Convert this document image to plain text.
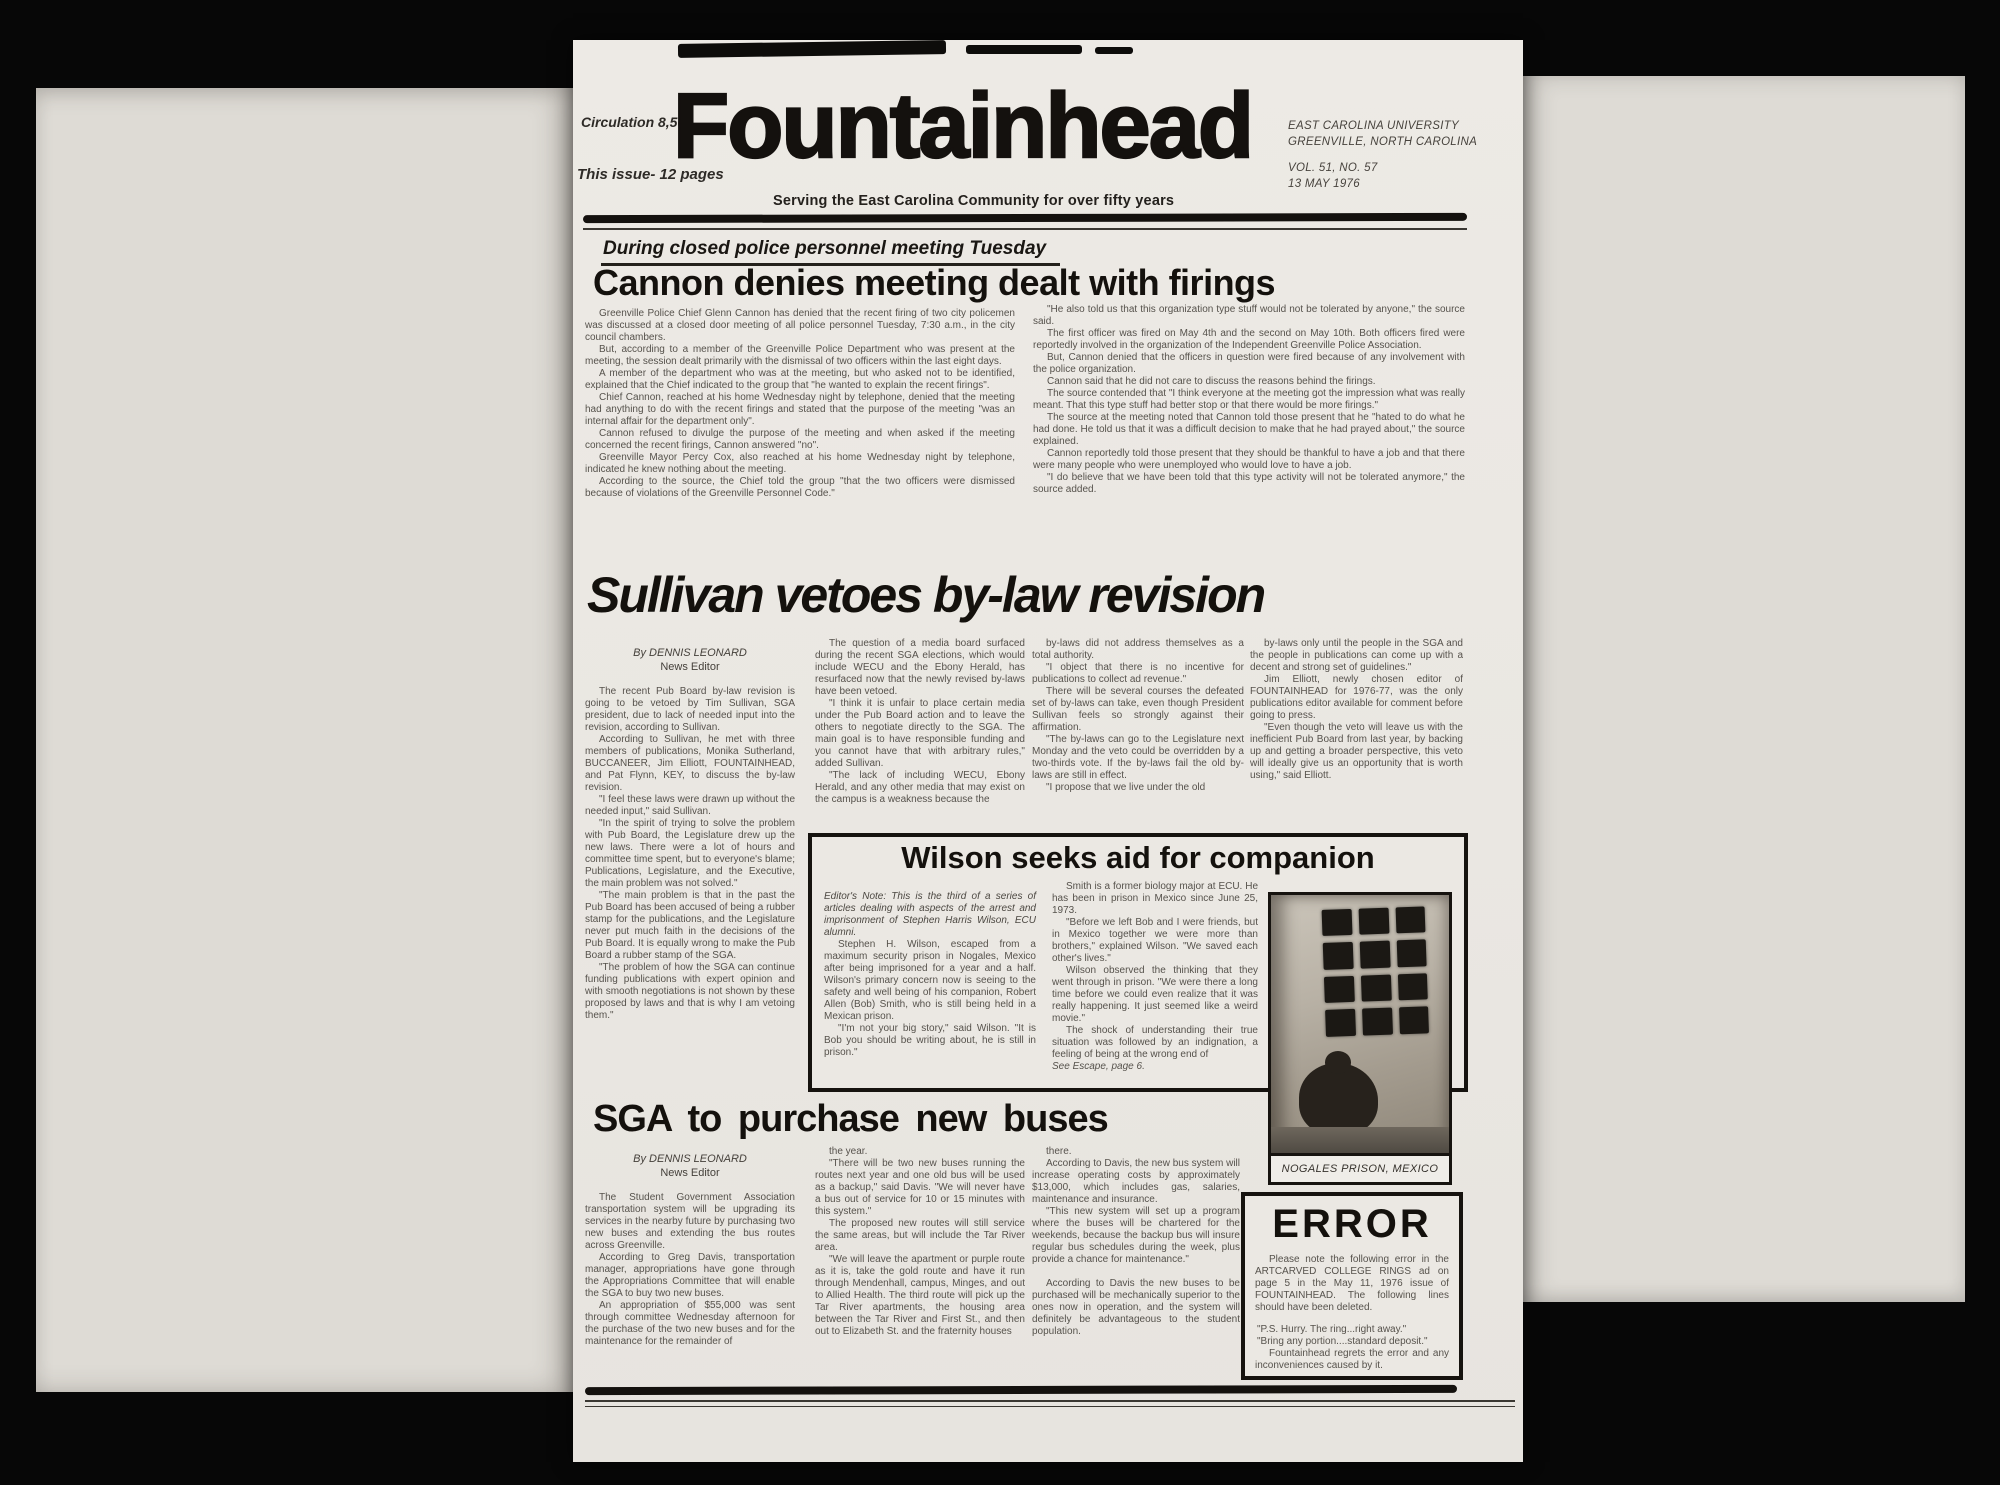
Circulation 8,500
This issue- 12 pages
Fountainhead
Serving the East Carolina Community for over fifty years
EAST CAROLINA UNIVERSITY
GREENVILLE, NORTH CAROLINA
VOL. 51, NO. 57
13 MAY 1976
During closed police personnel meeting Tuesday
Cannon denies meeting dealt with firings

Greenville Police Chief Glenn Cannon has denied that the recent firing of two city policemen was discussed at a closed door meeting of all police personnel Tuesday, 7:30 a.m., in the city council chambers.

But, according to a member of the Greenville Police Department who was present at the meeting, the session dealt primarily with the dismissal of two officers within the last eight days.

A member of the department who was at the meeting, but who asked not to be identified, explained that the Chief indicated to the group that "he wanted to explain the recent firings".

Chief Cannon, reached at his home Wednesday night by telephone, denied that the meeting had anything to do with the recent firings and stated that the purpose of the meeting "was an internal affair for the department only".

Cannon refused to divulge the purpose of the meeting and when asked if the meeting concerned the recent firings, Cannon answered "no".

Greenville Mayor Percy Cox, also reached at his home Wednesday night by telephone, indicated he knew nothing about the meeting.

According to the source, the Chief told the group "that the two officers were dismissed because of violations of the Greenville Personnel Code."

"He also told us that this organization type stuff would not be tolerated by anyone," the source said.

The first officer was fired on May 4th and the second on May 10th. Both officers fired were reportedly involved in the organization of the Independent Greenville Police Association.

But, Cannon denied that the officers in question were fired because of any involvement with the police organization.

Cannon said that he did not care to discuss the reasons behind the firings.

The source contended that "I think everyone at the meeting got the impression what was really meant. That this type stuff had better stop or that there would be more firings."

The source at the meeting noted that Cannon told those present that he "hated to do what he had done. He told us that it was a difficult decision to make that he had prayed about," the source explained.

Cannon reportedly told those present that they should be thankful to have a job and that there were many people who were unemployed who would love to have a job.

"I do believe that we have been told that this type activity will not be tolerated anymore," the source added.

Sullivan vetoes by-law revision
By DENNIS LEONARD
News Editor

The recent Pub Board by-law revision is going to be vetoed by Tim Sullivan, SGA president, due to lack of needed input into the revision, according to Sullivan.

According to Sullivan, he met with three members of publications, Monika Sutherland, BUCCANEER, Jim Elliott, FOUNTAINHEAD, and Pat Flynn, KEY, to discuss the by-law revision.

"I feel these laws were drawn up without the needed input," said Sullivan.

"In the spirit of trying to solve the problem with Pub Board, the Legislature drew up the new laws. There were a lot of hours and committee time spent, but to everyone's blame; Publications, Legislature, and the Executive, the main problem was not solved."

"The main problem is that in the past the Pub Board has been accused of being a rubber stamp for the publications, and the Legislature never put much faith in the decisions of the Pub Board. It is equally wrong to make the Pub Board a rubber stamp of the SGA.

"The problem of how the SGA can continue funding publications with expert opinion and with smooth negotiations is not shown by these proposed by laws and that is why I am vetoing them."

The question of a media board surfaced during the recent SGA elections, which would include WECU and the Ebony Herald, has resurfaced now that the newly revised by-laws have been vetoed.

"I think it is unfair to place certain media under the Pub Board action and to leave the others to negotiate directly to the SGA. The main goal is to have responsible funding and you cannot have that with arbitrary rules," added Sullivan.

"The lack of including WECU, Ebony Herald, and any other media that may exist on the campus is a weakness because the

by-laws did not address themselves as a total authority.

"I object that there is no incentive for publications to collect ad revenue."

There will be several courses the defeated set of by-laws can take, even though President Sullivan feels so strongly against their affirmation.

"The by-laws can go to the Legislature next Monday and the veto could be overridden by a two-thirds vote. If the by-laws fail the old by-laws are still in effect.

"I propose that we live under the old

by-laws only until the people in the SGA and the people in publications can come up with a decent and strong set of guidelines."

Jim Elliott, newly chosen editor of FOUNTAINHEAD for 1976-77, was the only publications editor available for comment before going to press.

"Even though the veto will leave us with the inefficient Pub Board from last year, by backing up and getting a broader perspective, this veto will ideally give us an opportunity that is worth using," said Elliott.

Wilson seeks aid for companion

Editor's Note: This is the third of a series of articles dealing with aspects of the arrest and imprisonment of Stephen Harris Wilson, ECU alumni.

Stephen H. Wilson, escaped from a maximum security prison in Nogales, Mexico after being imprisoned for a year and a half. Wilson's primary concern now is seeing to the safety and well being of his companion, Robert Allen (Bob) Smith, who is still being held in a Mexican prison.

"I'm not your big story," said Wilson. "It is Bob you should be writing about, he is still in prison."

Smith is a former biology major at ECU. He has been in prison in Mexico since June 25, 1973.

"Before we left Bob and I were friends, but in Mexico together we were more than brothers," explained Wilson. "We saved each other's lives."

Wilson observed the thinking that they went through in prison. "We were there a long time before we could even realize that it was really happening. It just seemed like a weird movie."

The shock of understanding their true situation was followed by an indignation, a feeling of being at the wrong end of

See Escape, page 6.

NOGALES PRISON, MEXICO
SGA to purchase new buses
By DENNIS LEONARD
News Editor

The Student Government Association transportation system will be upgrading its services in the nearby future by purchasing two new buses and extending the bus routes across Greenville.

According to Greg Davis, transportation manager, appropriations have gone through the Appropriations Committee that will enable the SGA to buy two new buses.

An appropriation of $55,000 was sent through committee Wednesday afternoon for the purchase of the two new buses and for the maintenance for the remainder of

the year.

"There will be two new buses running the routes next year and one old bus will be used as a backup," said Davis. "We will never have a bus out of service for 10 or 15 minutes with this system."

The proposed new routes will still service the same areas, but will include the Tar River area.

"We will leave the apartment or purple route as it is, take the gold route and have it run through Mendenhall, campus, Minges, and out to Allied Health. The third route will pick up the Tar River apartments, the housing area between the Tar River and First St., and then out to Elizabeth St. and the fraternity houses

there.

According to Davis, the new bus system will increase operating costs by approximately $13,000, which includes gas, salaries, maintenance and insurance.

"This new system will set up a program where the buses will be chartered for the weekends, because the backup bus will insure regular bus schedules during the week, plus provide a chance for maintenance."

According to Davis the new buses to be purchased will be mechanically superior to the ones now in operation, and the system will definitely be advantageous to the student population.

ERROR

Please note the following error in the ARTCARVED COLLEGE RINGS ad on page 5 in the May 11, 1976 issue of FOUNTAINHEAD. The following lines should have been deleted.

"P.S. Hurry. The ring...right away."

"Bring any portion....standard deposit."

Fountainhead regrets the error and any inconveniences caused by it.
